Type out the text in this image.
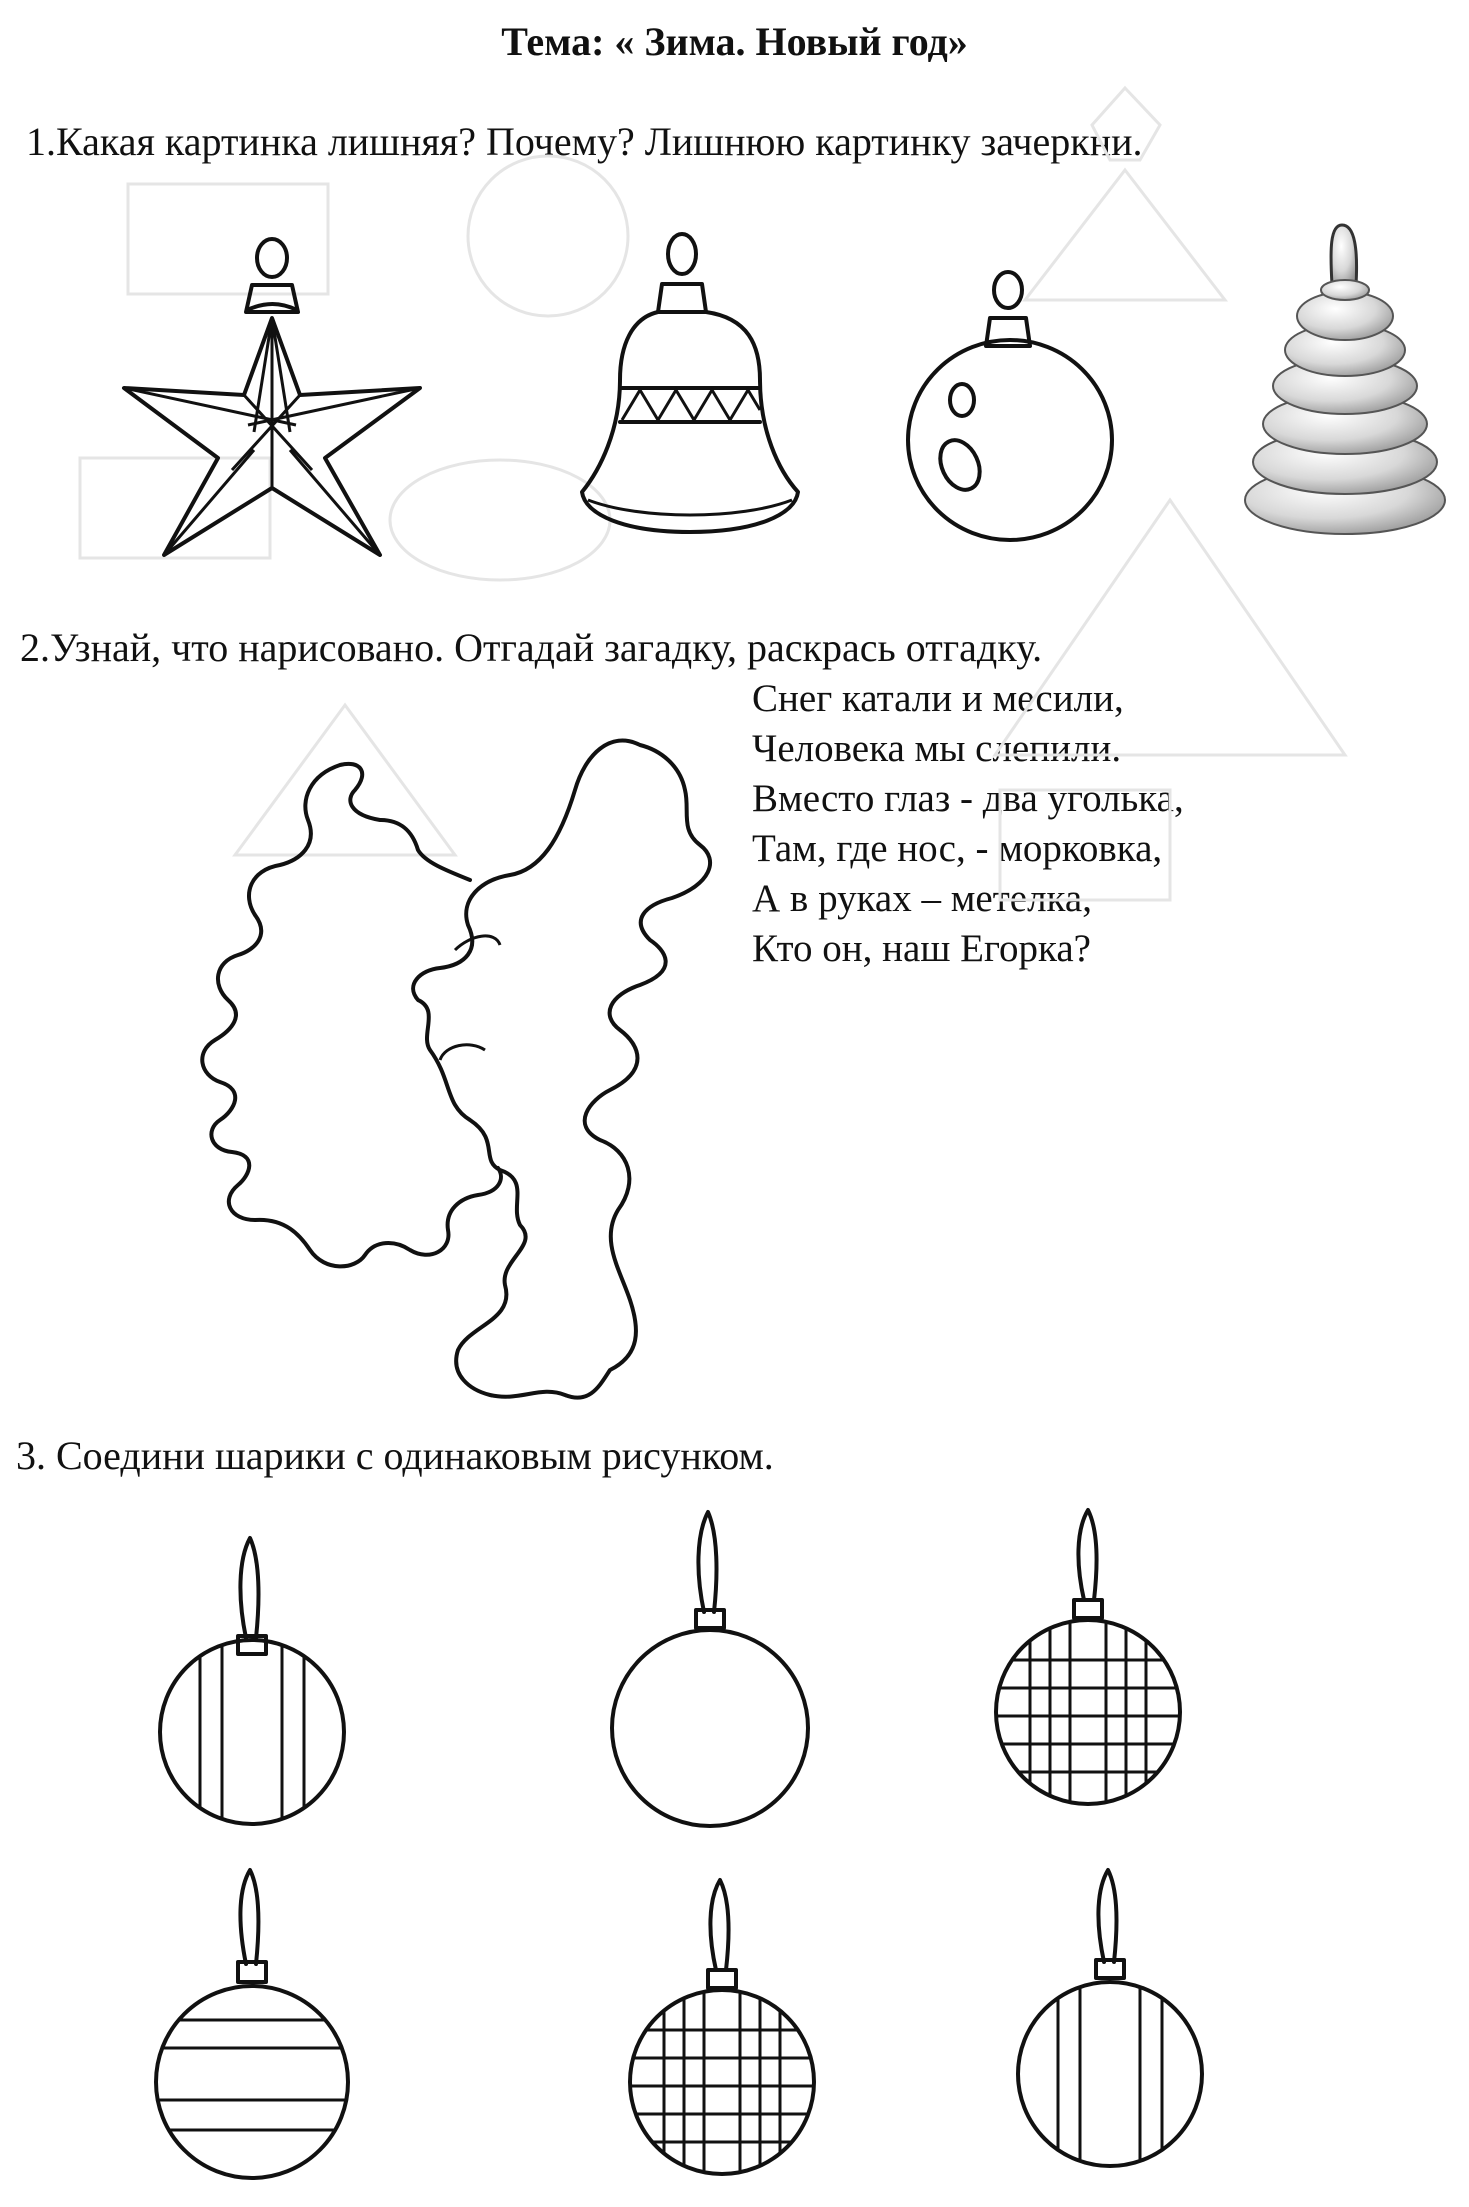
Тема: « Зима. Новый год»
1.Какая картинка лишняя? Почему? Лишнюю картинку зачеркни.
2.Узнай, что нарисовано. Отгадай загадку, раскрась отгадку.
3. Соедини шарики с одинаковым рисунком.
Снег катали и месили,
Человека мы слепили.
Вместо глаз - два уголька,
Там, где нос, - морковка,
А в руках – метелка,
Кто он, наш Егорка?
